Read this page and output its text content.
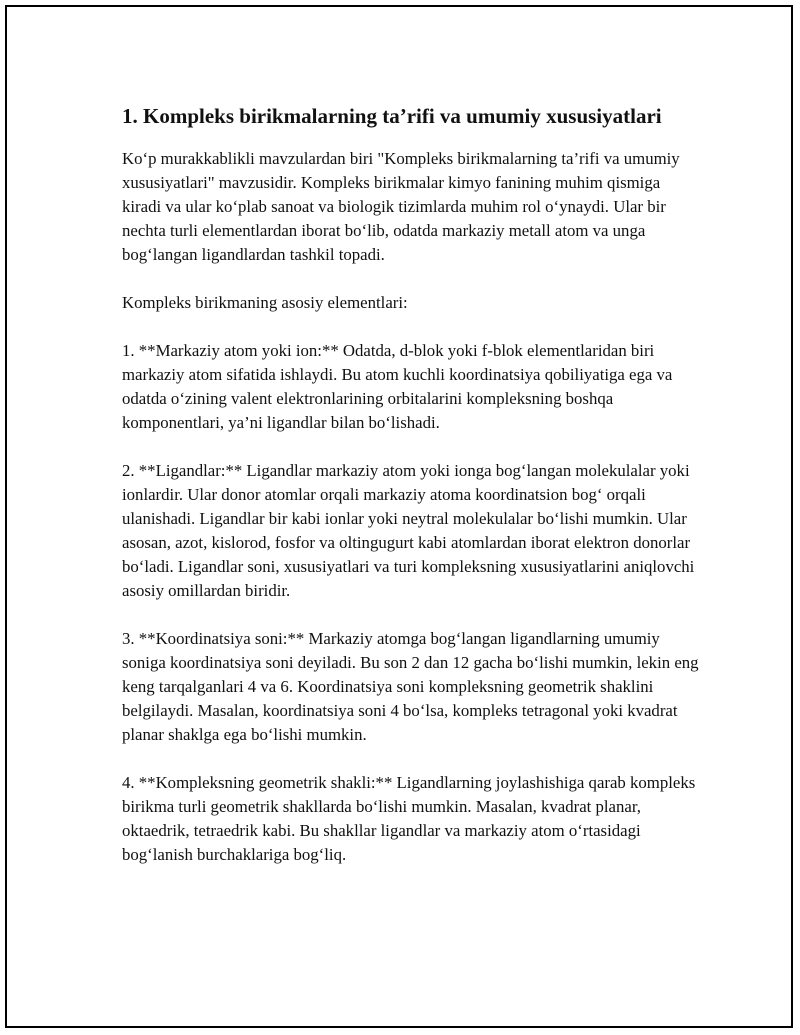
1. Kompleks birikmalarning ta’rifi va umumiy xususiyatlari

Ko‘p murakkablikli mavzulardan biri "Kompleks birikmalarning ta’rifi va umumiy xususiyatlari" mavzusidir. Kompleks birikmalar kimyo fanining muhim qismiga kiradi va ular ko‘plab sanoat va biologik tizimlarda muhim rol o‘ynaydi. Ular bir nechta turli elementlardan iborat bo‘lib, odatda markaziy metall atom va unga bog‘langan ligandlardan tashkil topadi.

Kompleks birikmaning asosiy elementlari:

1. **Markaziy atom yoki ion:** Odatda, d-blok yoki f-blok elementlaridan biri markaziy atom sifatida ishlaydi. Bu atom kuchli koordinatsiya qobiliyatiga ega va odatda o‘zining valent elektronlarining orbitalarini kompleksning boshqa komponentlari, ya’ni ligandlar bilan bo‘lishadi.

2. **Ligandlar:** Ligandlar markaziy atom yoki ionga bog‘langan molekulalar yoki ionlardir. Ular donor atomlar orqali markaziy atoma koordinatsion bog‘ orqali ulanishadi. Ligandlar bir kabi ionlar yoki neytral molekulalar bo‘lishi mumkin. Ular asosan, azot, kislorod, fosfor va oltingugurt kabi atomlardan iborat elektron donorlar bo‘ladi. Ligandlar soni, xususiyatlari va turi kompleksning xususiyatlarini aniqlovchi asosiy omillardan biridir.

3. **Koordinatsiya soni:** Markaziy atomga bog‘langan ligandlarning umumiy soniga koordinatsiya soni deyiladi. Bu son 2 dan 12 gacha bo‘lishi mumkin, lekin eng keng tarqalganlari 4 va 6. Koordinatsiya soni kompleksning geometrik shaklini belgilaydi. Masalan, koordinatsiya soni 4 bo‘lsa, kompleks tetragonal yoki kvadrat planar shaklga ega bo‘lishi mumkin.

4. **Kompleksning geometrik shakli:** Ligandlarning joylashishiga qarab kompleks birikma turli geometrik shakllarda bo‘lishi mumkin. Masalan, kvadrat planar, oktaedrik, tetraedrik kabi. Bu shakllar ligandlar va markaziy atom o‘rtasidagi bog‘lanish burchaklariga bog‘liq.
